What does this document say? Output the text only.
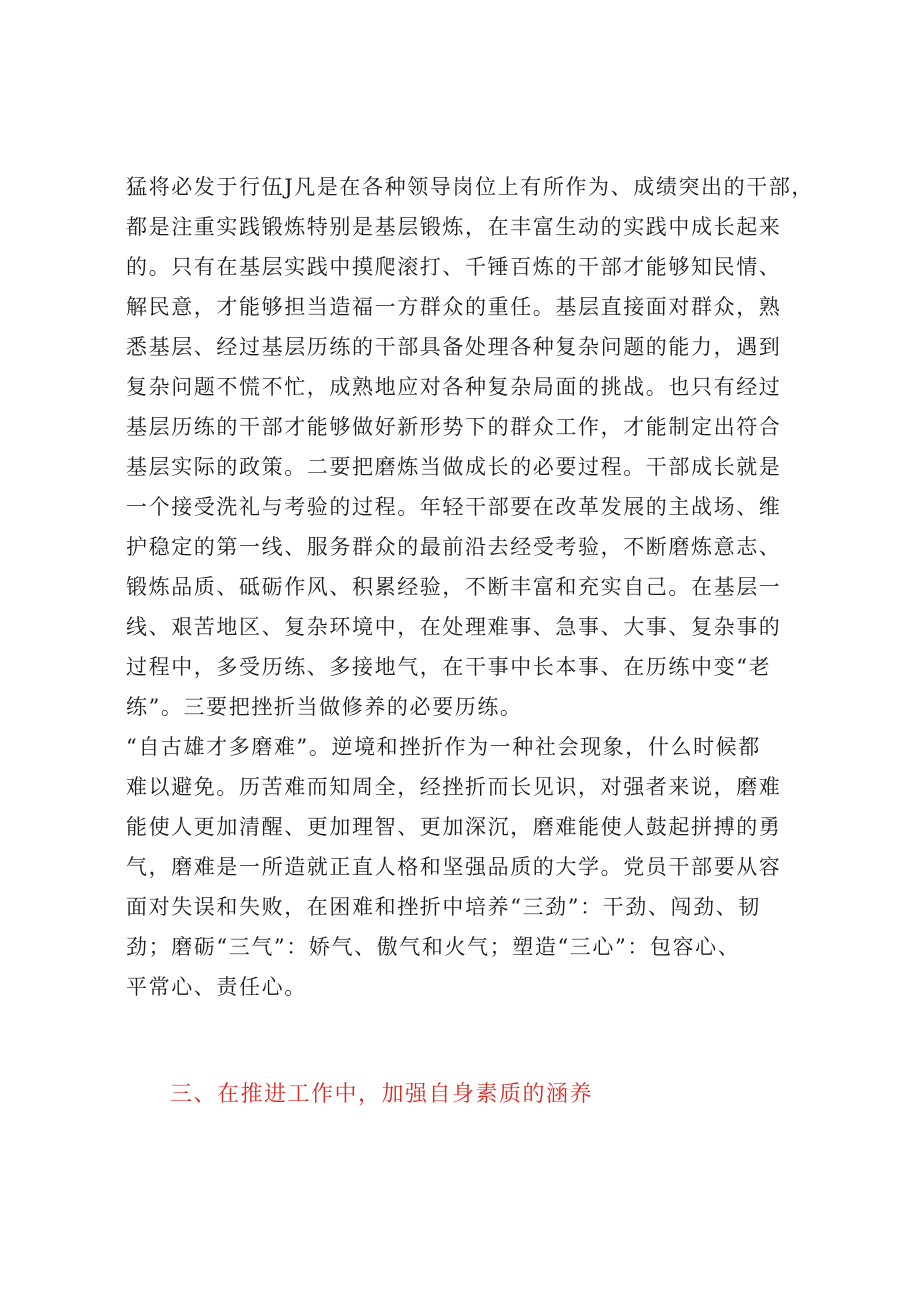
猛将必发于行伍J凡是在各种领导岗位上有所作为、成绩突出的干部，
都是注重实践锻炼特别是基层锻炼，在丰富生动的实践中成长起来
的。只有在基层实践中摸爬滚打、千锤百炼的干部才能够知民情、
解民意，才能够担当造福一方群众的重任。基层直接面对群众，熟
悉基层、经过基层历练的干部具备处理各种复杂问题的能力，遇到
复杂问题不慌不忙，成熟地应对各种复杂局面的挑战。也只有经过
基层历练的干部才能够做好新形势下的群众工作，才能制定出符合
基层实际的政策。二要把磨炼当做成长的必要过程。干部成长就是
一个接受洗礼与考验的过程。年轻干部要在改革发展的主战场、维
护稳定的第一线、服务群众的最前沿去经受考验，不断磨炼意志、
锻炼品质、砥砺作风、积累经验，不断丰富和充实自己。在基层一
线、艰苦地区、复杂环境中，在处理难事、急事、大事、复杂事的
过程中，多受历练、多接地气，在干事中长本事、在历练中变“老
练”。三要把挫折当做修养的必要历练。
“自古雄才多磨难”。逆境和挫折作为一种社会现象，什么时候都
难以避免。历苦难而知周全，经挫折而长见识，对强者来说，磨难
能使人更加清醒、更加理智、更加深沉，磨难能使人鼓起拼搏的勇
气，磨难是一所造就正直人格和坚强品质的大学。党员干部要从容
面对失误和失败，在困难和挫折中培养“三劲”：干劲、闯劲、韧
劲；磨砺“三气”：娇气、傲气和火气；塑造“三心”：包容心、
平常心、责任心。
三、在推进工作中，加强自身素质的涵养
